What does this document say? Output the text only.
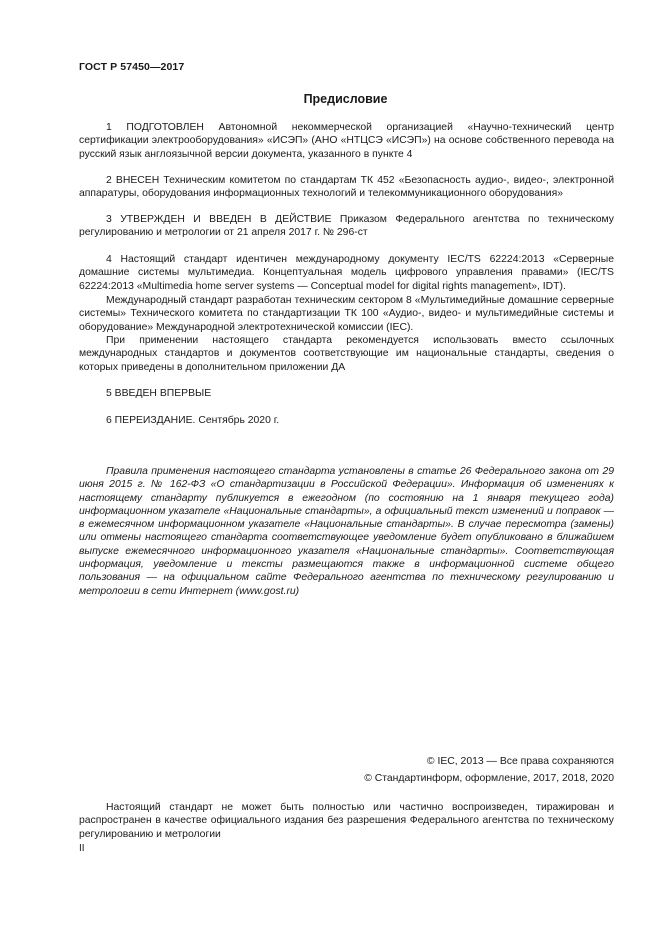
ГОСТ Р 57450—2017
Предисловие

1 ПОДГОТОВЛЕН Автономной некоммерческой организацией «Научно-технический центр сертификации электрооборудования» «ИСЭП» (АНО «НТЦСЭ «ИСЭП») на основе собственного перевода на русский язык англоязычной версии документа, указанного в пункте 4

2 ВНЕСЕН Техническим комитетом по стандартам ТК 452 «Безопасность аудио-, видео-, электронной аппаратуры, оборудования информационных технологий и телекоммуникационного оборудования»

3 УТВЕРЖДЕН И ВВЕДЕН В ДЕЙСТВИЕ Приказом Федерального агентства по техническому регулированию и метрологии от 21 апреля 2017 г. № 296-ст

4 Настоящий стандарт идентичен международному документу IEC/TS 62224:2013 «Серверные домашние системы мультимедиа. Концептуальная модель цифрового управления правами» (IEC/TS 62224:2013 «Multimedia home server systems — Conceptual model for digital rights management», IDT).

Международный стандарт разработан техническим сектором 8 «Мультимедийные домашние серверные системы» Технического комитета по стандартизации ТК 100 «Аудио-, видео- и мультимедийные системы и оборудование» Международной электротехнической комиссии (IEC).

При применении настоящего стандарта рекомендуется использовать вместо ссылочных международных стандартов и документов соответствующие им национальные стандарты, сведения о которых приведены в дополнительном приложении ДА

5 ВВЕДЕН ВПЕРВЫЕ

6 ПЕРЕИЗДАНИЕ. Сентябрь 2020 г.

Правила применения настоящего стандарта установлены в статье 26 Федерального закона от 29 июня 2015 г. № 162-ФЗ «О стандартизации в Российской Федерации». Информация об изменениях к настоящему стандарту публикуется в ежегодном (по состоянию на 1 января текущего года) информационном указателе «Национальные стандарты», а официальный текст изменений и поправок — в ежемесячном информационном указателе «Национальные стандарты». В случае пересмотра (замены) или отмены настоящего стандарта соответствующее уведомление будет опубликовано в ближайшем выпуске ежемесячного информационного указателя «Национальные стандарты». Соответствующая информация, уведомление и тексты размещаются также в информационной системе общего пользования — на официальном сайте Федерального агентства по техническому регулированию и метрологии в сети Интернет (www.gost.ru)

© IEC, 2013 — Все права сохраняются
© Стандартинформ, оформление, 2017, 2018, 2020

Настоящий стандарт не может быть полностью или частично воспроизведен, тиражирован и распространен в качестве официального издания без разрешения Федерального агентства по техническому регулированию и метрологии

II
